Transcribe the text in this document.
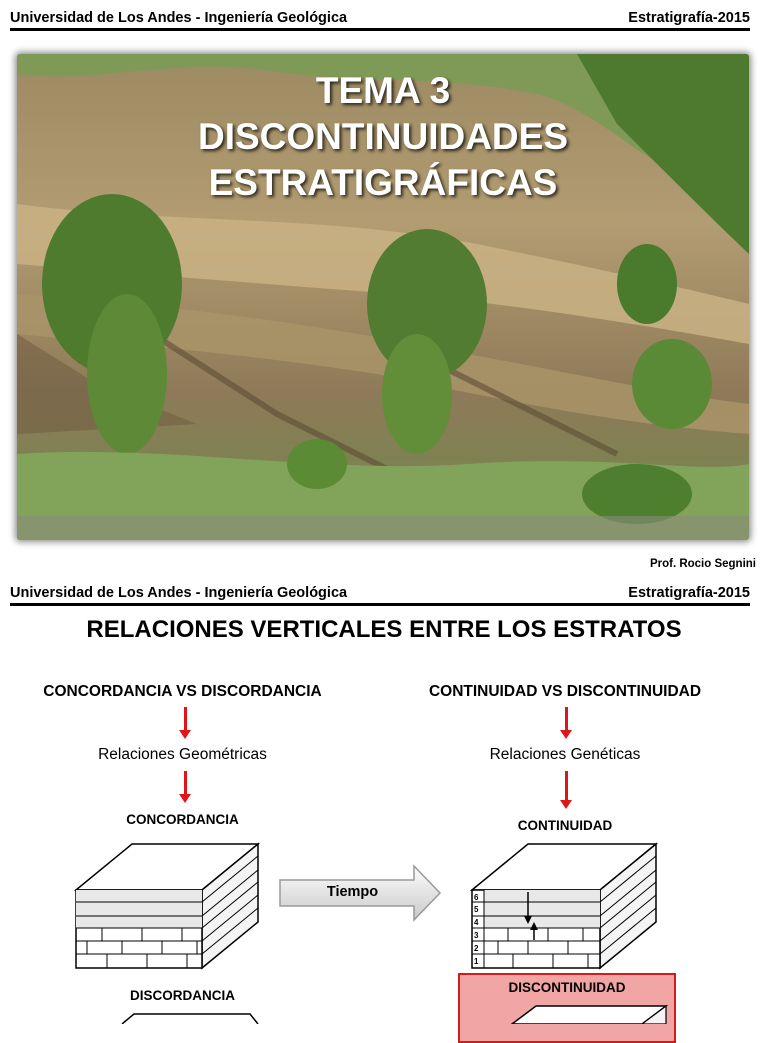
Universidad de Los Andes - Ingeniería Geológica	Estratigrafía-2015
TEMA 3
DISCONTINUIDADES
ESTRATIGRÁFICAS
Prof. Rocio Segnini
Universidad de Los Andes - Ingeniería Geológica	Estratigrafía-2015
RELACIONES VERTICALES ENTRE LOS ESTRATOS
CONCORDANCIA VS DISCORDANCIA
Relaciones Geométricas
CONCORDANCIA
CONTINUIDAD VS DISCONTINUIDAD
Relaciones Genéticas
CONTINUIDAD
Tiempo	6
5
4
3
2
1
DISCORDANCIA
DISCONTINUIDAD
